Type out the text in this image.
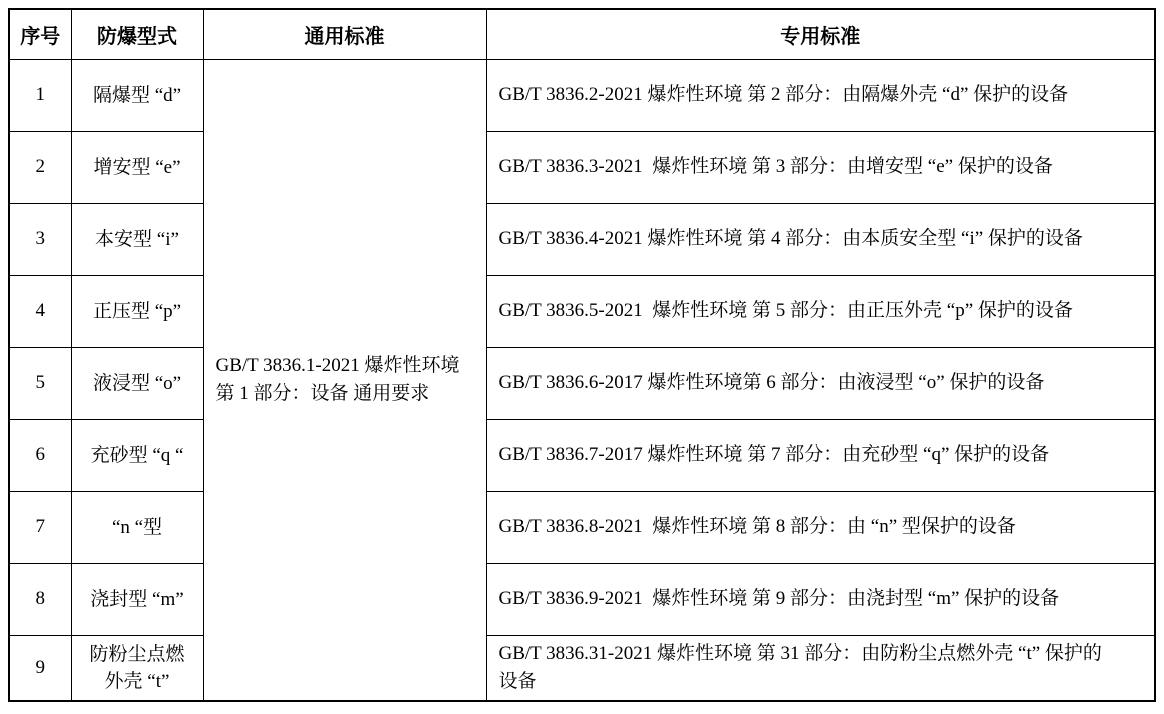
序号	防爆型式	通用标准	专用标准
1	隔爆型 “d”	GB/T 3836.1-2021 爆炸性环境 第 1 部分：设备 通用要求	GB/T 3836.2-2021 爆炸性环境 第 2 部分：由隔爆外壳 “d” 保护的设备
2	增安型 “e”		GB/T 3836.3-2021  爆炸性环境 第 3 部分：由增安型 “e” 保护的设备
3	本安型 “i”		GB/T 3836.4-2021 爆炸性环境 第 4 部分：由本质安全型 “i” 保护的设备
4	正压型 “p”		GB/T 3836.5-2021  爆炸性环境 第 5 部分：由正压外壳 “p” 保护的设备
5	液浸型 “o”		GB/T 3836.6-2017 爆炸性环境第 6 部分：由液浸型 “o” 保护的设备
6	充砂型 “q “		GB/T 3836.7-2017 爆炸性环境 第 7 部分：由充砂型 “q” 保护的设备
7	“n “型		GB/T 3836.8-2021  爆炸性环境 第 8 部分：由 “n” 型保护的设备
8	浇封型 “m”		GB/T 3836.9-2021  爆炸性环境 第 9 部分：由浇封型 “m” 保护的设备
9	防粉尘点燃外壳 “t”		GB/T 3836.31-2021 爆炸性环境 第 31 部分：由防粉尘点燃外壳 “t” 保护的设备
